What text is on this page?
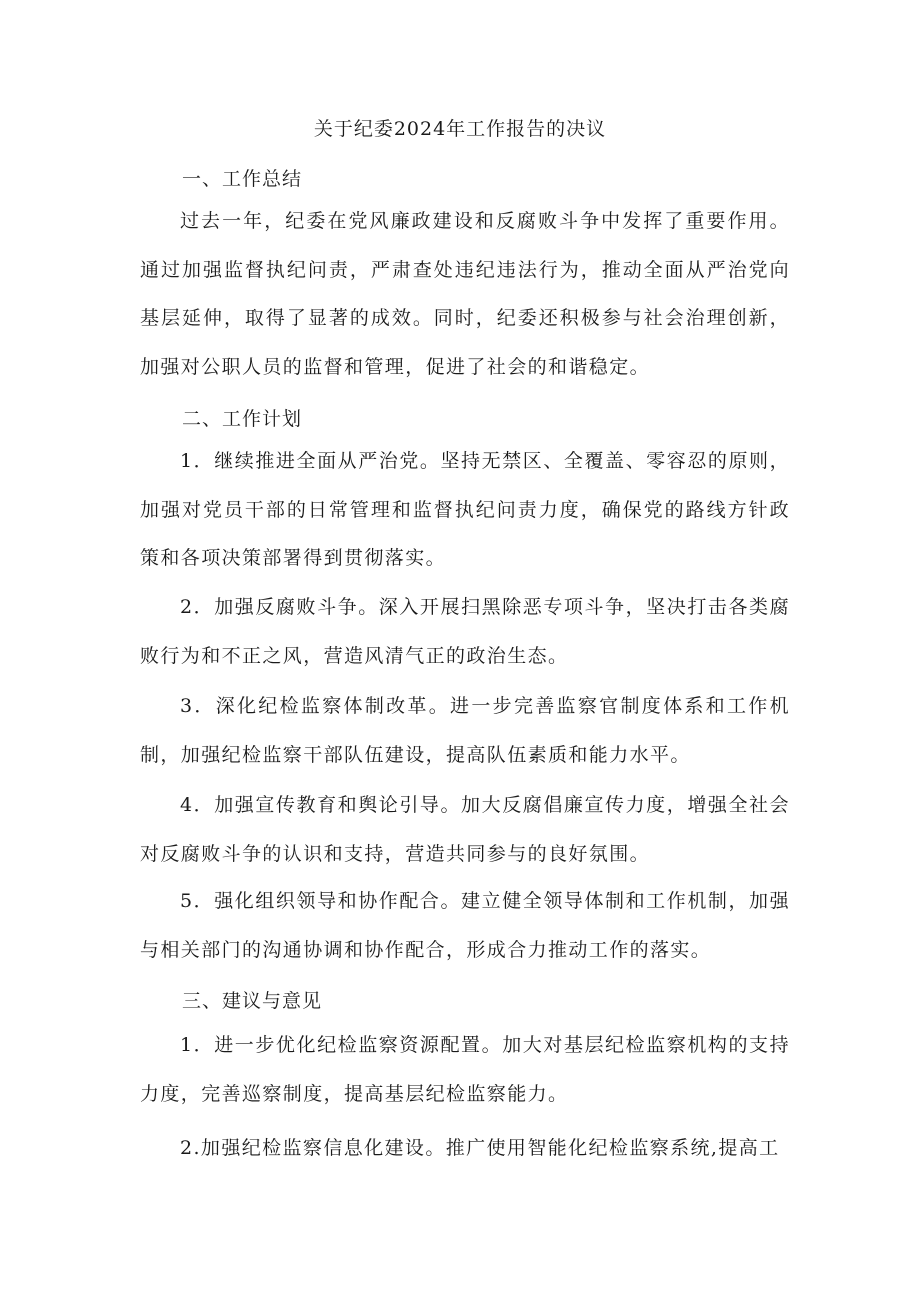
关于纪委2024年工作报告的决议
一、工作总结

过去一年，纪委在党风廉政建设和反腐败斗争中发挥了重要作用。通过加强监督执纪问责，严肃查处违纪违法行为，推动全面从严治党向基层延伸，取得了显著的成效。同时，纪委还积极参与社会治理创新，加强对公职人员的监督和管理，促进了社会的和谐稳定。

二、工作计划

1．继续推进全面从严治党。坚持无禁区、全覆盖、零容忍的原则，加强对党员干部的日常管理和监督执纪问责力度，确保党的路线方针政策和各项决策部署得到贯彻落实。

2．加强反腐败斗争。深入开展扫黑除恶专项斗争，坚决打击各类腐败行为和不正之风，营造风清气正的政治生态。

3．深化纪检监察体制改革。进一步完善监察官制度体系和工作机制，加强纪检监察干部队伍建设，提高队伍素质和能力水平。

4．加强宣传教育和舆论引导。加大反腐倡廉宣传力度，增强全社会对反腐败斗争的认识和支持，营造共同参与的良好氛围。

5．强化组织领导和协作配合。建立健全领导体制和工作机制，加强与相关部门的沟通协调和协作配合，形成合力推动工作的落实。

三、建议与意见

1．进一步优化纪检监察资源配置。加大对基层纪检监察机构的支持力度，完善巡察制度，提高基层纪检监察能力。

2.加强纪检监察信息化建设。推广使用智能化纪检监察系统,提高工
